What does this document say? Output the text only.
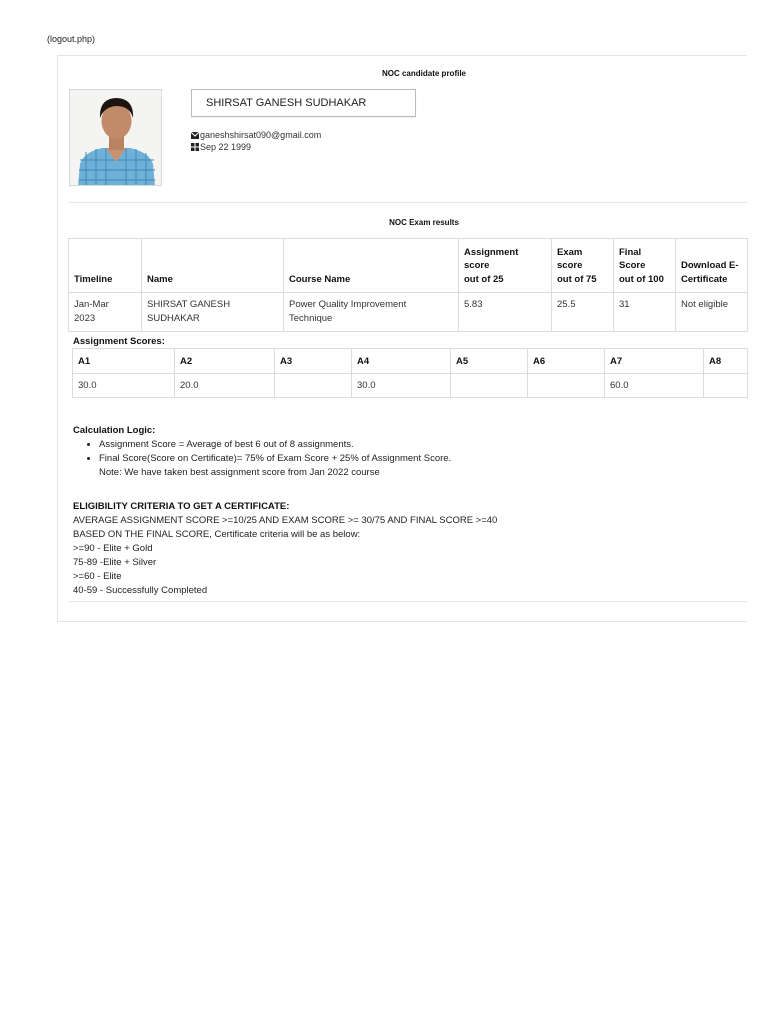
(logout.php)
NOC candidate profile
SHIRSAT GANESH SUDHAKAR
ganeshshirsat090@gmail.com
Sep 22 1999
NOC Exam results
Timeline	Name	Course Name	Assignment
score
out of 25	Exam
score
out of 75	Final
Score
out of 100	Download E-
Certificate
Jan-Mar
2023	SHIRSAT GANESH
SUDHAKAR	Power Quality Improvement
Technique	5.83	25.5	31	Not eligible
Assignment Scores:
A1	A2	A3	A4	A5	A6	A7	A8
30.0	20.0		30.0			60.0	
Calculation Logic:
• Assignment Score = Average of best 6 out of 8 assignments.
• Final Score(Score on Certificate)= 75% of Exam Score + 25% of Assignment Score.
Note: We have taken best assignment score from Jan 2022 course
ELIGIBILITY CRITERIA TO GET A CERTIFICATE:
AVERAGE ASSIGNMENT SCORE >=10/25 AND EXAM SCORE >= 30/75 AND FINAL SCORE >=40
BASED ON THE FINAL SCORE, Certificate criteria will be as below:
>=90 - Elite + Gold
75-89 -Elite + Silver
>=60 - Elite
40-59 - Successfully Completed
